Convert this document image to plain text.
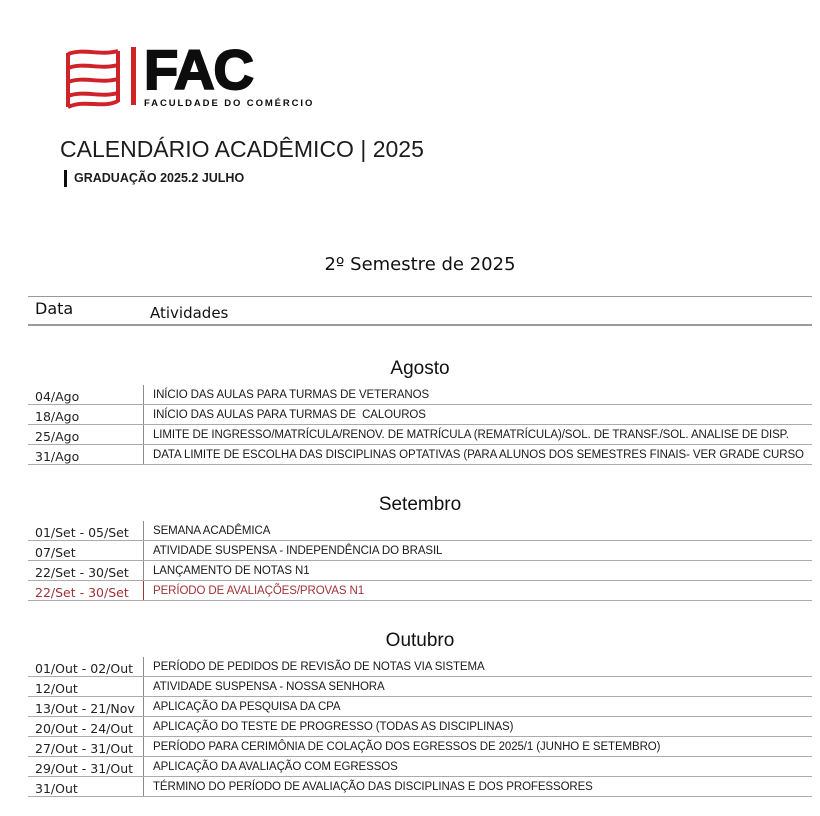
FAC
FACULDADE DO COMÉRCIO
CALENDÁRIO ACADÊMICO | 2025
GRADUAÇÃO 2025.2 JULHO
2º Semestre de 2025
Data	Atividades
Agosto
04/Ago	INÍCIO DAS AULAS PARA TURMAS DE VETERANOS
18/Ago	INÍCIO DAS AULAS PARA TURMAS DE  CALOUROS
25/Ago	LIMITE DE INGRESSO/MATRÍCULA/RENOV. DE MATRÍCULA (REMATRÍCULA)/SOL. DE TRANSF./SOL. ANALISE DE DISP.
31/Ago	DATA LIMITE DE ESCOLHA DAS DISCIPLINAS OPTATIVAS (PARA ALUNOS DOS SEMESTRES FINAIS- VER GRADE CURSO
Setembro
01/Set - 05/Set	SEMANA ACADÊMICA
07/Set	ATIVIDADE SUSPENSA - INDEPENDÊNCIA DO BRASIL
22/Set - 30/Set	LANÇAMENTO DE NOTAS N1
22/Set - 30/Set	PERÍODO DE AVALIAÇÕES/PROVAS N1
Outubro
01/Out - 02/Out	PERÍODO DE PEDIDOS DE REVISÃO DE NOTAS VIA SISTEMA
12/Out	ATIVIDADE SUSPENSA - NOSSA SENHORA
13/Out - 21/Nov	APLICAÇÃO DA PESQUISA DA CPA
20/Out - 24/Out	APLICAÇÃO DO TESTE DE PROGRESSO (TODAS AS DISCIPLINAS)
27/Out - 31/Out	PERÍODO PARA CERIMÔNIA DE COLAÇÃO DOS EGRESSOS DE 2025/1 (JUNHO E SETEMBRO)
29/Out - 31/Out	APLICAÇÃO DA AVALIAÇÃO COM EGRESSOS
31/Out	TÉRMINO DO PERÍODO DE AVALIAÇÃO DAS DISCIPLINAS E DOS PROFESSORES
